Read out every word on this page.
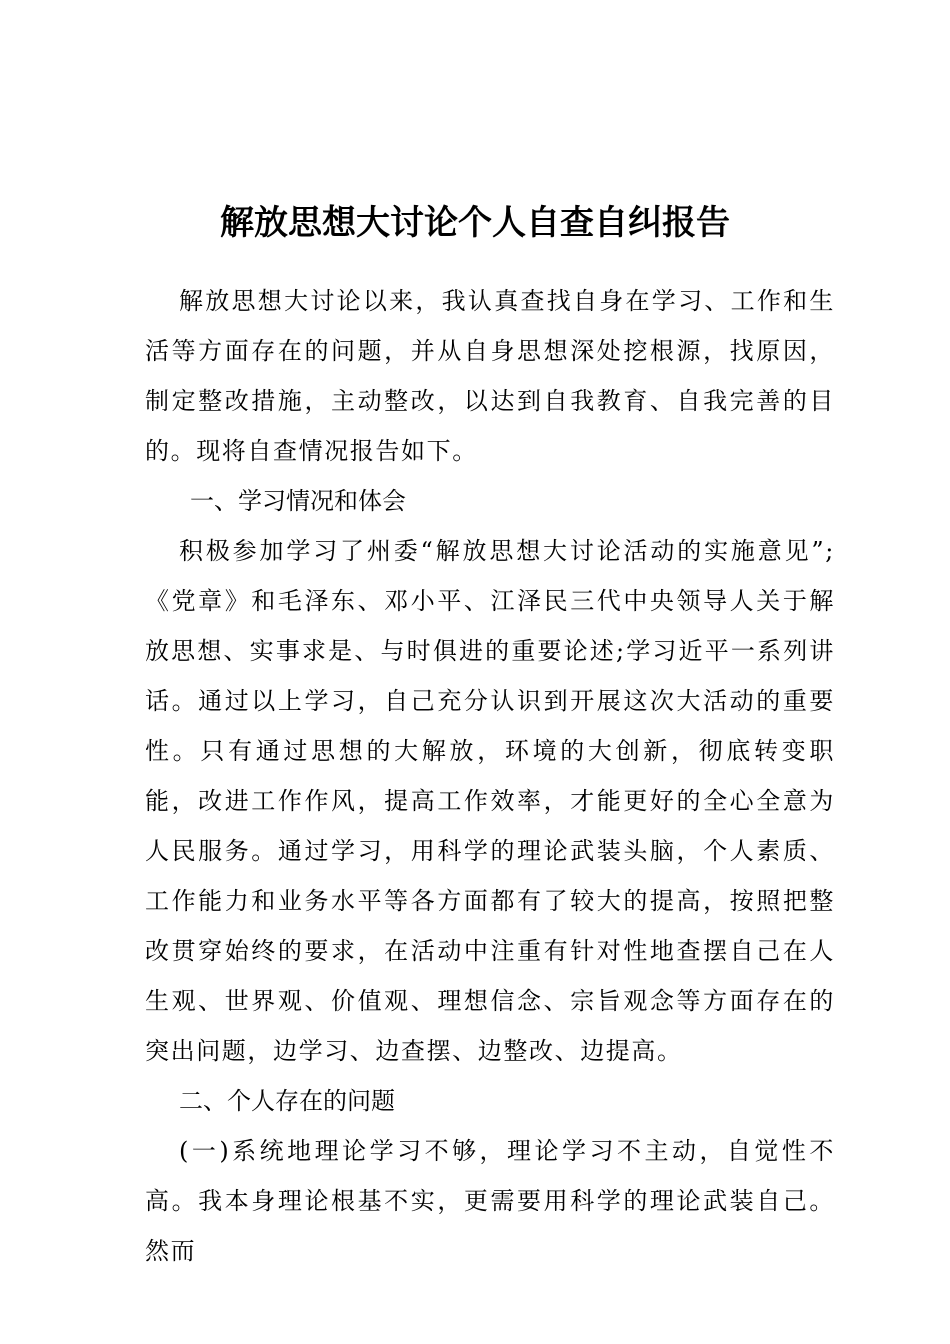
解放思想大讨论个人自查自纠报告

解放思想大讨论以来，我认真查找自身在学习、工作和生活等方面存在的问题，并从自身思想深处挖根源，找原因，制定整改措施，主动整改，以达到自我教育、自我完善的目的。现将自查情况报告如下。

一、学习情况和体会

积极参加学习了州委“解放思想大讨论活动的实施意见”;《党章》和毛泽东、邓小平、江泽民三代中央领导人关于解放思想、实事求是、与时俱进的重要论述;学习近平一系列讲话。通过以上学习，自己充分认识到开展这次大活动的重要性。只有通过思想的大解放，环境的大创新，彻底转变职能，改进工作作风，提高工作效率，才能更好的全心全意为人民服务。通过学习，用科学的理论武装头脑，个人素质、工作能力和业务水平等各方面都有了较大的提高，按照把整改贯穿始终的要求，在活动中注重有针对性地查摆自己在人生观、世界观、价值观、理想信念、宗旨观念等方面存在的突出问题，边学习、边查摆、边整改、边提高。

二、个人存在的问题

(一)系统地理论学习不够，理论学习不主动，自觉性不高。我本身理论根基不实，更需要用科学的理论武装自己。然而
